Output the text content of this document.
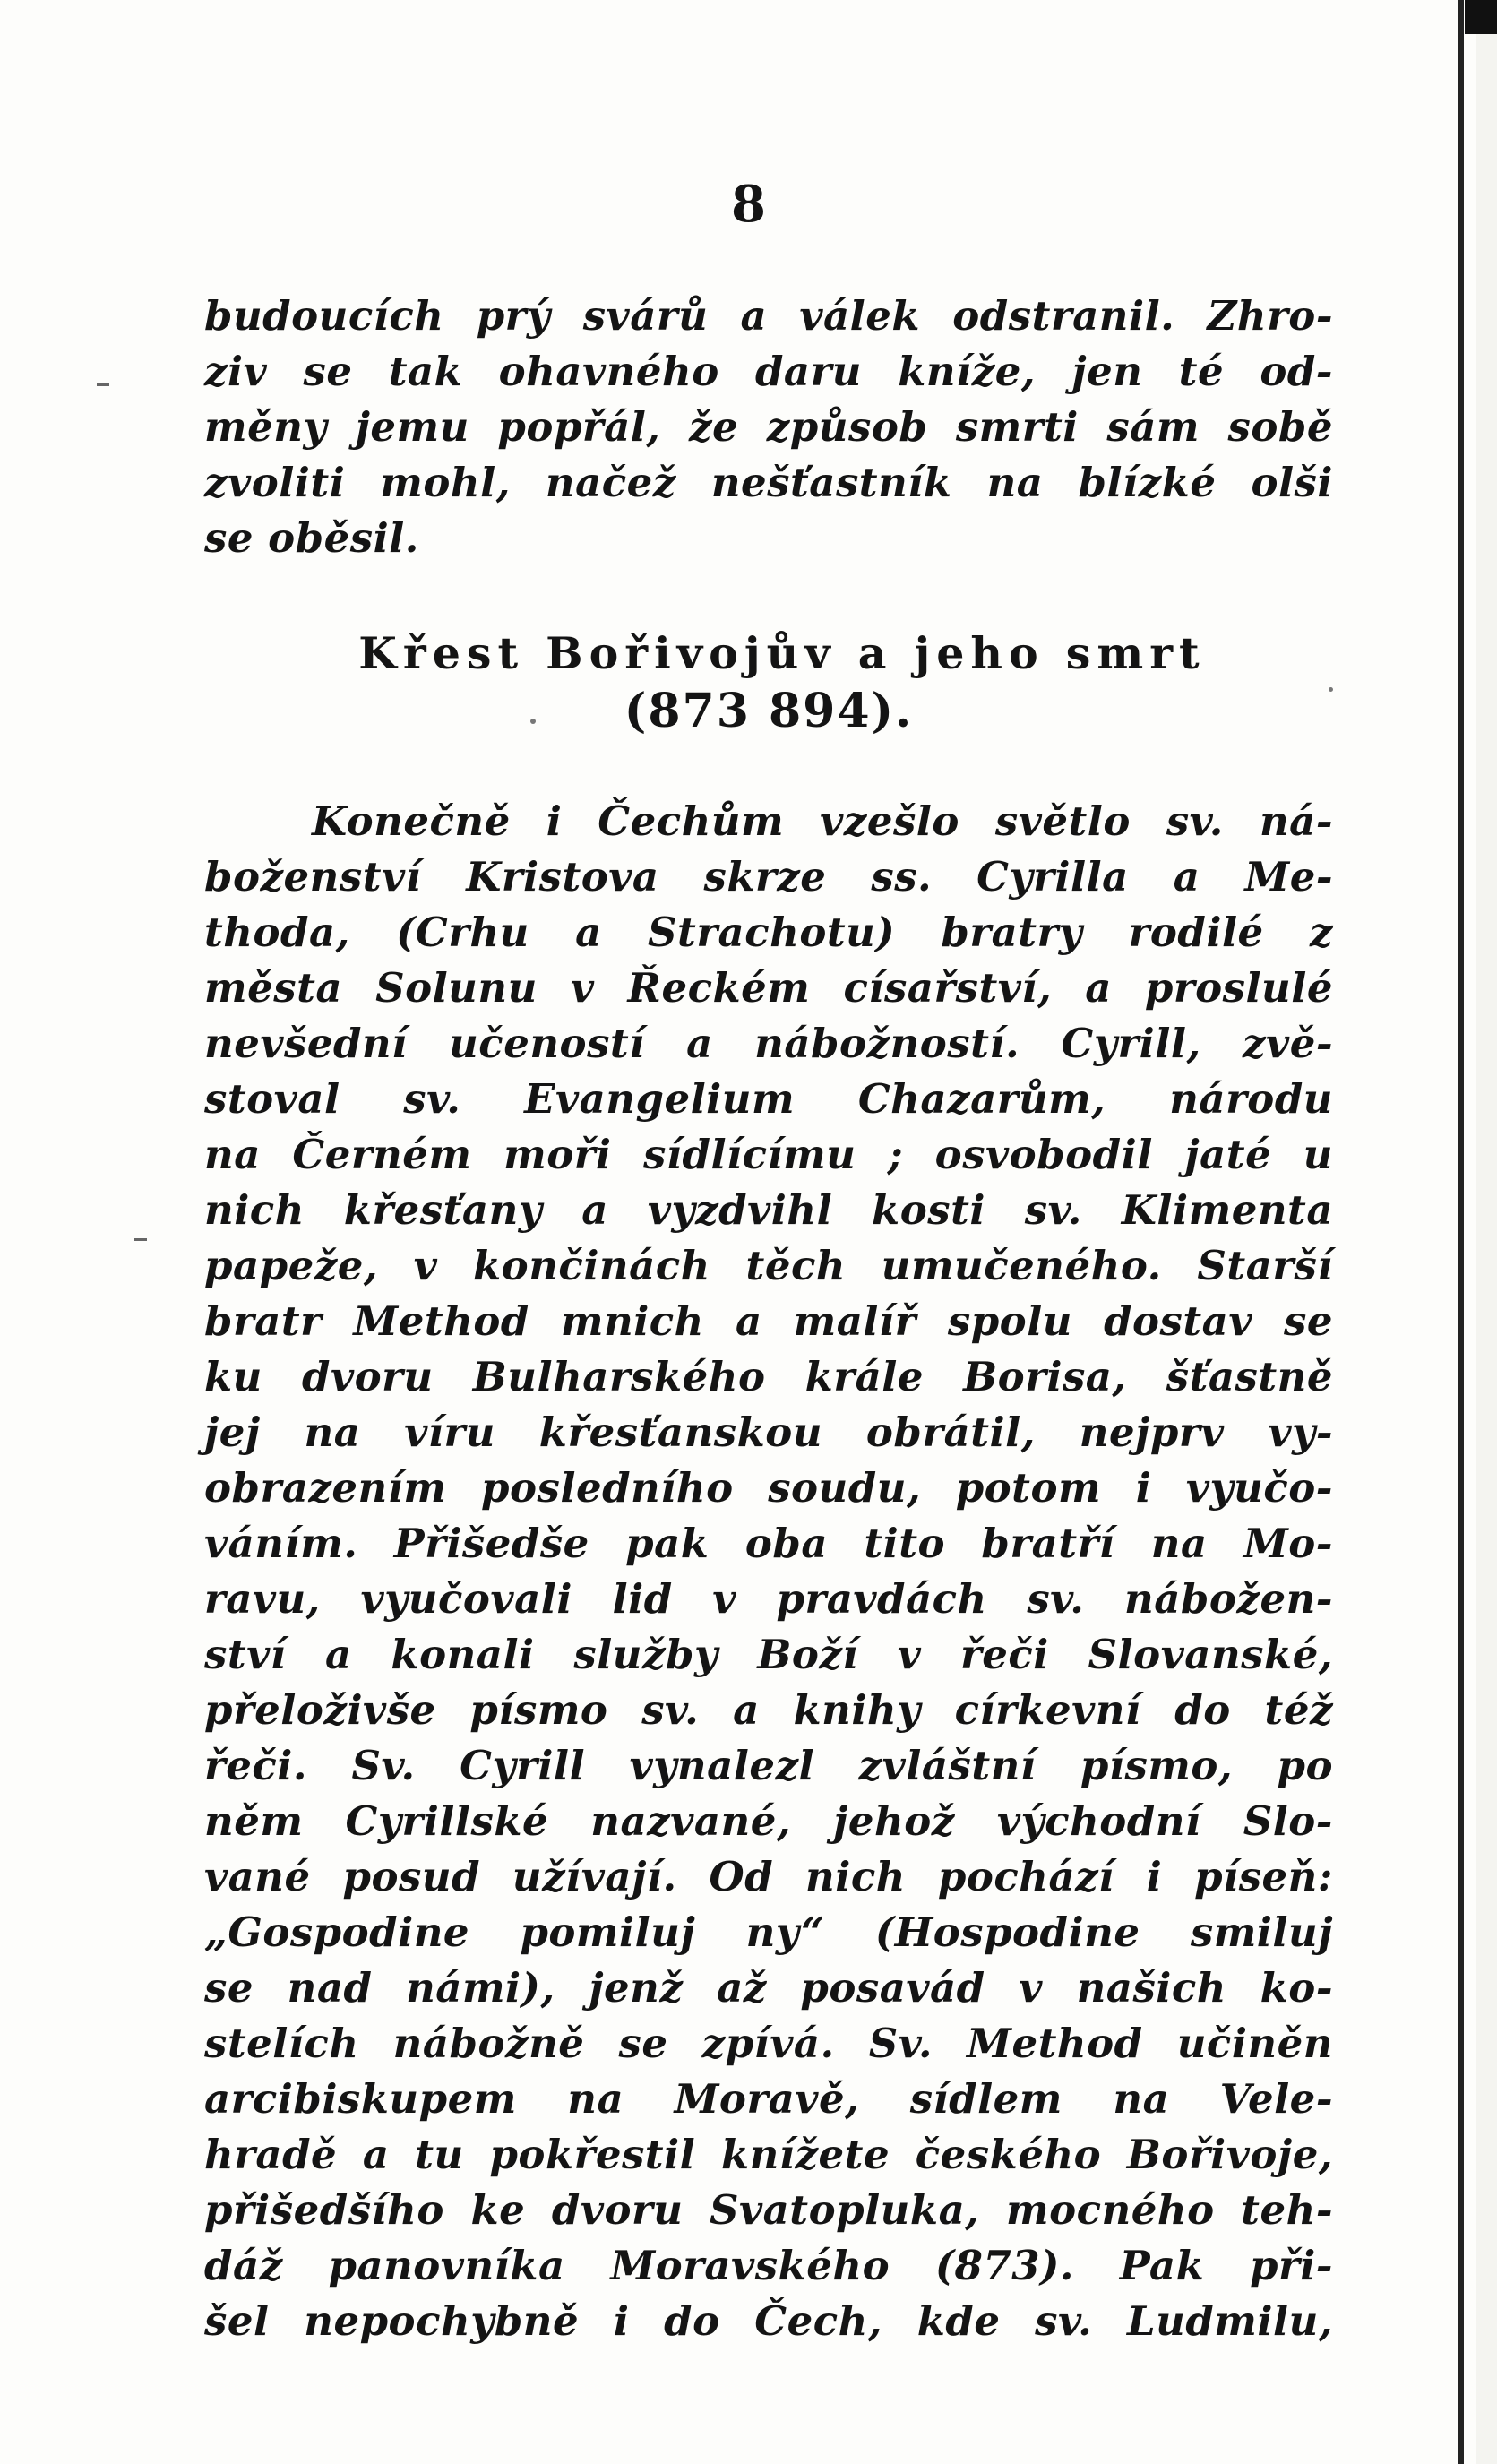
8
budoucích prý svárů a válek odstranil. Zhro-
ziv se tak ohavného daru kníže, jen té od-
měny jemu popřál, že způsob smrti sám sobě
zvoliti mohl, načež nešťastník na blízké olši
se oběsil.
Křest Bořivojův a jeho smrt
(873 894).
Konečně i Čechům vzešlo světlo sv. ná-
boženství Kristova skrze ss. Cyrilla a Me-
thoda, (Crhu a Strachotu) bratry rodilé z
města Solunu v Řeckém císařství, a proslulé
nevšední učeností a nábožností. Cyrill, zvě-
stoval sv. Evangelium Chazarům, národu
na Černém moři sídlícímu ; osvobodil jaté u
nich křesťany a vyzdvihl kosti sv. Klimenta
papeže, v končinách těch umučeného. Starší
bratr Method mnich a malíř spolu dostav se
ku dvoru Bulharského krále Borisa, šťastně
jej na víru křesťanskou obrátil, nejprv vy-
obrazením posledního soudu, potom i vyučo-
váním. Přišedše pak oba tito bratří na Mo-
ravu, vyučovali lid v pravdách sv. nábožen-
ství a konali služby Boží v řeči Slovanské,
přeloživše písmo sv. a knihy církevní do též
řeči. Sv. Cyrill vynalezl zvláštní písmo, po
něm Cyrillské nazvané, jehož východní Slo-
vané posud užívají. Od nich pochází i píseň:
„Gospodine pomiluj ny“ (Hospodine smiluj
se nad námi), jenž až posavád v našich ko-
stelích nábožně se zpívá. Sv. Method učiněn
arcibiskupem na Moravě, sídlem na Vele-
hradě a tu pokřestil knížete českého Bořivoje,
přišedšího ke dvoru Svatopluka, mocného teh-
dáž panovníka Moravského (873). Pak při-
šel nepochybně i do Čech, kde sv. Ludmilu,
